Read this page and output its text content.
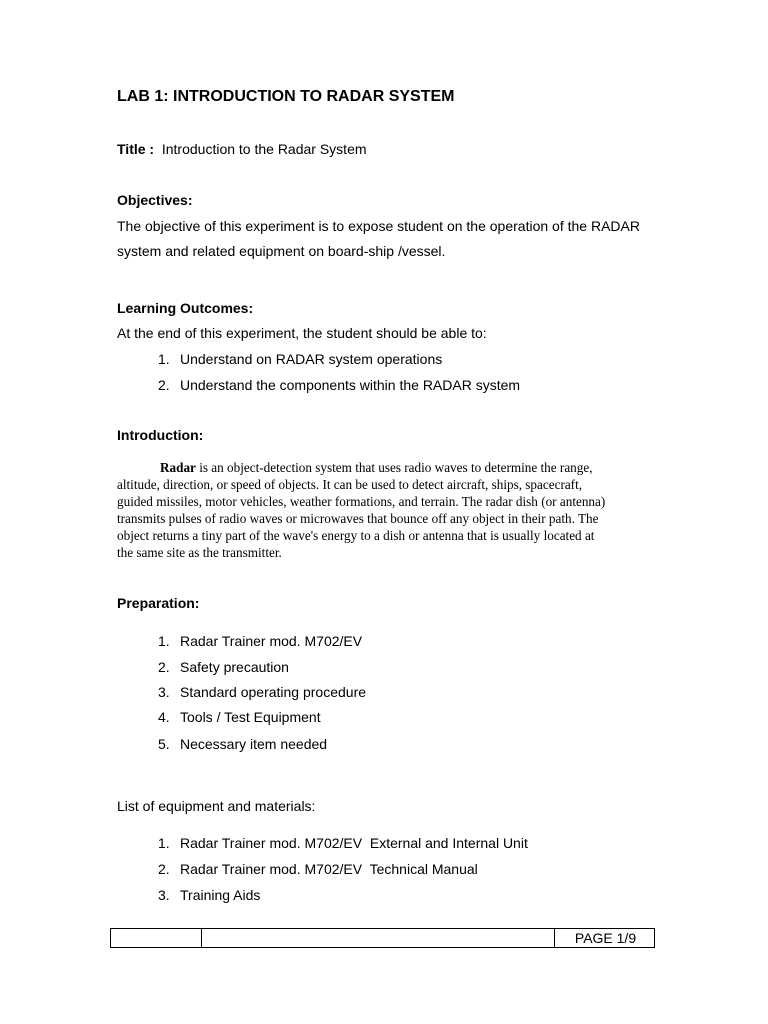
LAB 1: INTRODUCTION TO RADAR SYSTEM
Title : Introduction to the Radar System
Objectives:
The objective of this experiment is to expose student on the operation of the RADAR
system and related equipment on board-ship /vessel.
Learning Outcomes:
At the end of this experiment, the student should be able to:
1. Understand on RADAR system operations
2. Understand the components within the RADAR system
Introduction:
Radar is an object-detection system that uses radio waves to determine the range,
altitude, direction, or speed of objects. It can be used to detect aircraft, ships, spacecraft,
guided missiles, motor vehicles, weather formations, and terrain. The radar dish (or antenna)
transmits pulses of radio waves or microwaves that bounce off any object in their path. The
object returns a tiny part of the wave's energy to a dish or antenna that is usually located at
the same site as the transmitter.
Preparation:
1. Radar Trainer mod. M702/EV
2. Safety precaution
3. Standard operating procedure
4. Tools / Test Equipment
5. Necessary item needed
List of equipment and materials:
1. Radar Trainer mod. M702/EV  External and Internal Unit
2. Radar Trainer mod. M702/EV  Technical Manual
3. Training Aids
PAGE 1/9
